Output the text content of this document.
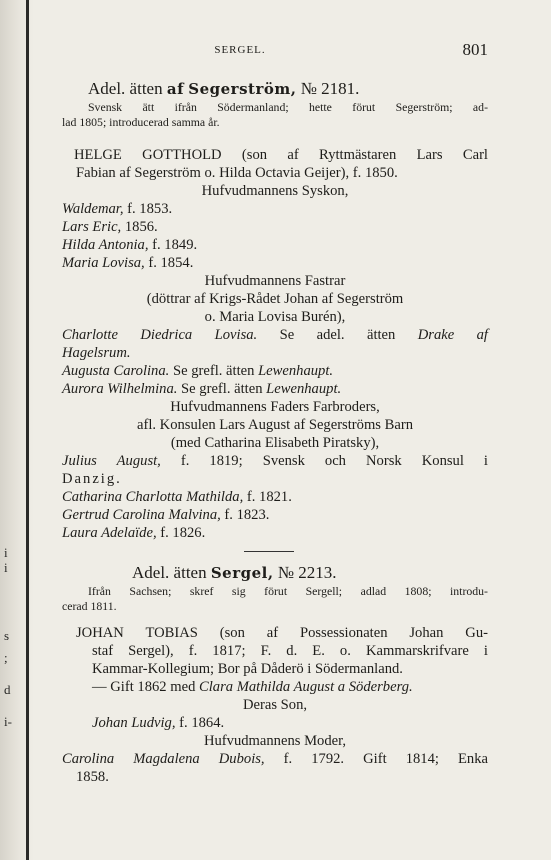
i
i
s
;
d
i-
SERGEL.	801
Adel. ätten af Segerström, № 2181.
Svensk ätt ifrån Södermanland; hette förut Segerström; ad-
lad 1805; introducerad samma år.
HELGE GOTTHOLD (son af Ryttmästaren Lars Carl
Fabian af Segerström o. Hilda Octavia Geijer), f. 1850.
Hufvudmannens Syskon,
Waldemar, f. 1853.
Lars Eric, 1856.
Hilda Antonia, f. 1849.
Maria Lovisa, f. 1854.
Hufvudmannens Fastrar
(döttrar af Krigs-Rådet Johan af Segerström
o. Maria Lovisa Burén),
Charlotte Diedrica Lovisa. Se adel. ätten Drake af
Hagelsrum.
Augusta Carolina. Se grefl. ätten Lewenhaupt.
Aurora Wilhelmina. Se grefl. ätten Lewenhaupt.
Hufvudmannens Faders Farbroders,
afl. Konsulen Lars August af Segerströms Barn
(med Catharina Elisabeth Piratsky),
Julius August, f. 1819; Svensk och Norsk Konsul i
Danzig.
Catharina Charlotta Mathilda, f. 1821.
Gertrud Carolina Malvina, f. 1823.
Laura Adelaïde, f. 1826.
Adel. ätten Sergel, № 2213.
Ifrån Sachsen; skref sig förut Sergell; adlad 1808; introdu-
cerad 1811.
JOHAN TOBIAS (son af Possessionaten Johan Gu-
staf Sergel), f. 1817; F. d. E. o. Kammarskrifvare i
Kammar-Kollegium; Bor på Dåderö i Södermanland.
— Gift 1862 med Clara Mathilda August a Söderberg.
Deras Son,
Johan Ludvig, f. 1864.
Hufvudmannens Moder,
Carolina Magdalena Dubois, f. 1792. Gift 1814; Enka
1858.
